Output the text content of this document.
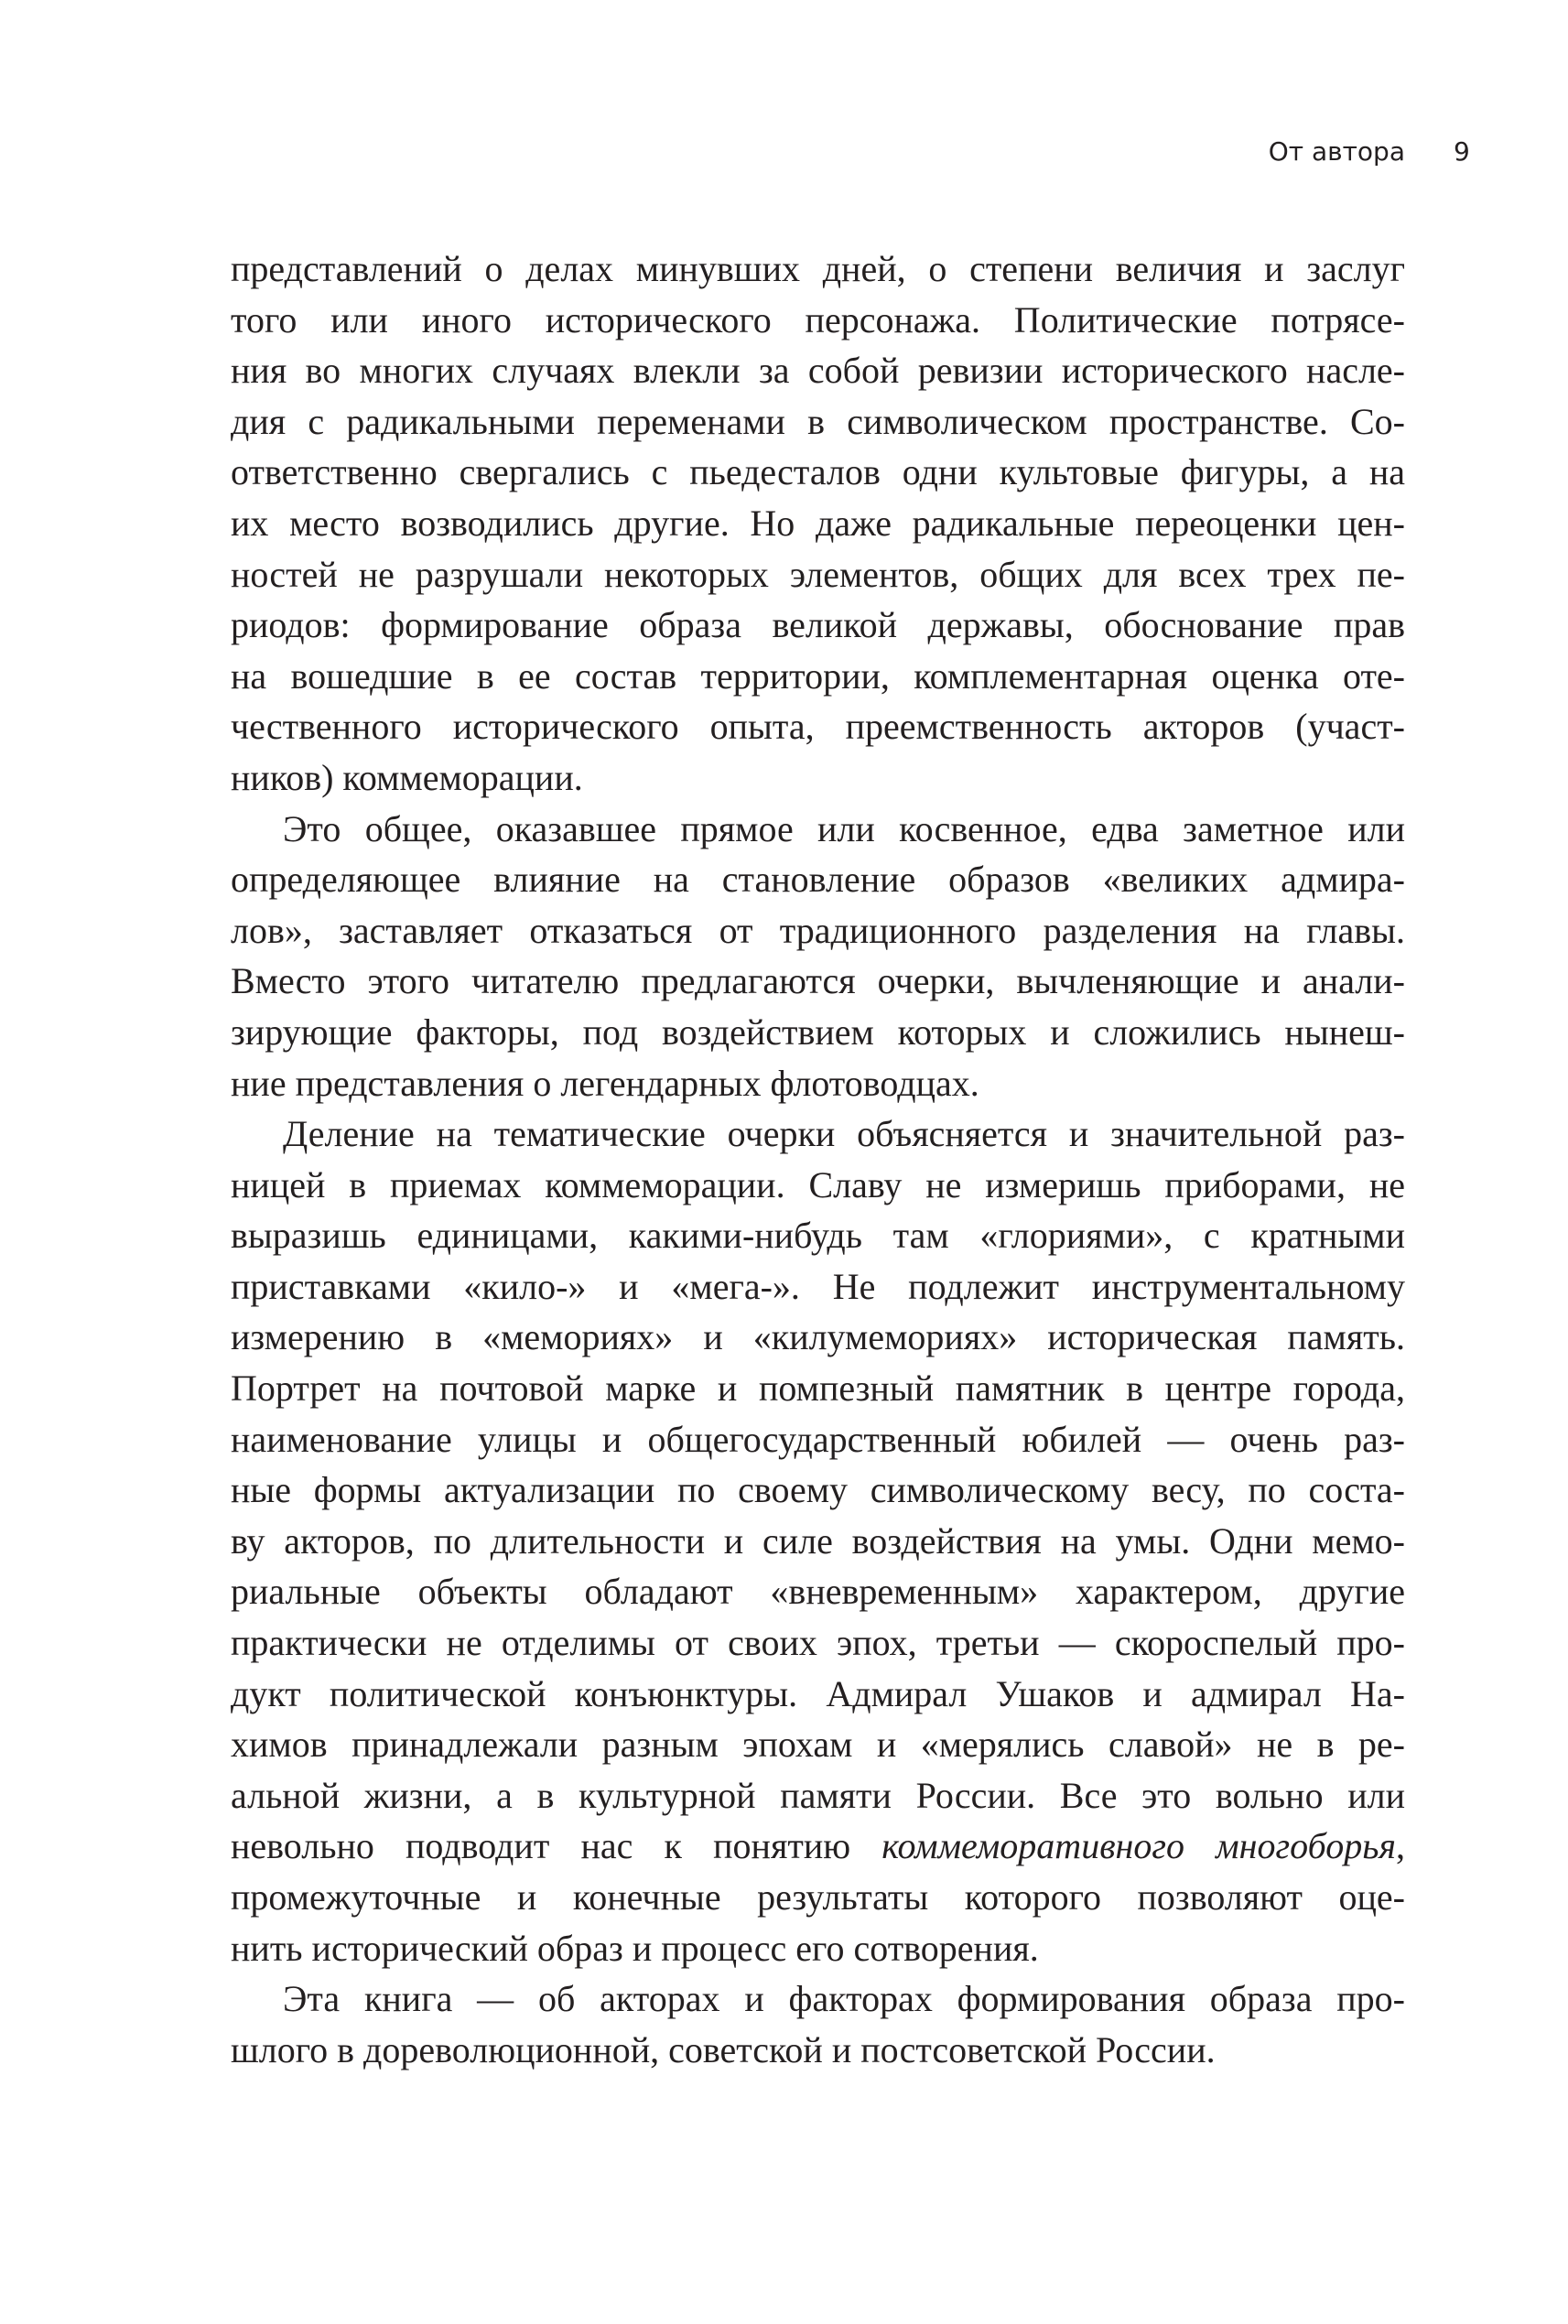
От автора 9
представлений о делах минувших дней, о степени величия и заслуг
того или иного исторического персонажа. Политические потрясе-
ния во многих случаях влекли за собой ревизии исторического насле-
дия с радикальными переменами в символическом пространстве. Со-
ответственно свергались с пьедесталов одни культовые фигуры, а на
их место возводились другие. Но даже радикальные переоценки цен-
ностей не разрушали некоторых элементов, общих для всех трех пе-
риодов: формирование образа великой державы, обоснование прав
на вошедшие в ее состав территории, комплементарная оценка оте-
чественного исторического опыта, преемственность акторов (участ-
ников) коммеморации.
Это общее, оказавшее прямое или косвенное, едва заметное или
определяющее влияние на становление образов «великих адмира-
лов», заставляет отказаться от традиционного разделения на главы.
Вместо этого читателю предлагаются очерки, вычленяющие и анали-
зирующие факторы, под воздействием которых и сложились нынеш-
ние представления о легендарных флотоводцах.
Деление на тематические очерки объясняется и значительной раз-
ницей в приемах коммеморации. Славу не измеришь приборами, не
выразишь единицами, какими-нибудь там «глориями», с кратными
приставками «кило-» и «мега-». Не подлежит инструментальному
измерению в «мемориях» и «килумемориях» историческая память.
Портрет на почтовой марке и помпезный памятник в центре города,
наименование улицы и общегосударственный юбилей — очень раз-
ные формы актуализации по своему символическому весу, по соста-
ву акторов, по длительности и силе воздействия на умы. Одни мемо-
риальные объекты обладают «вневременным» характером, другие
практически не отделимы от своих эпох, третьи — скороспелый про-
дукт политической конъюнктуры. Адмирал Ушаков и адмирал На-
химов принадлежали разным эпохам и «мерялись славой» не в ре-
альной жизни, а в культурной памяти России. Все это вольно или
невольно подводит нас к понятию коммеморативного многоборья,
промежуточные и конечные результаты которого позволяют оце-
нить исторический образ и процесс его сотворения.
Эта книга — об акторах и факторах формирования образа про-
шлого в дореволюционной, советской и постсоветской России.
